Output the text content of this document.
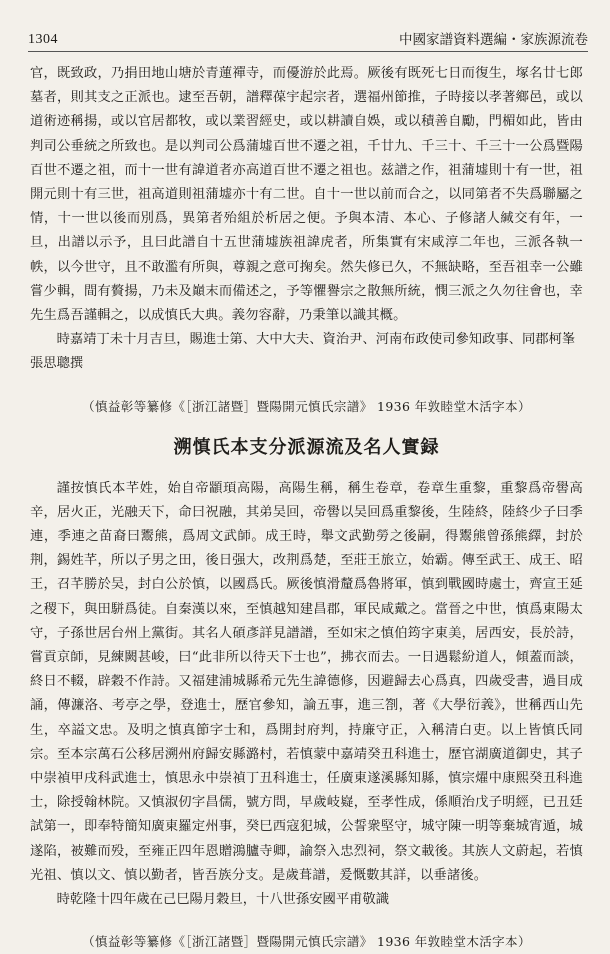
1304	中國家譜資料選編・家族源流卷

官，既致政，乃捐田地山塘於青蓮禪寺，而優游於此焉。厥後有既死七日而復生，塚名廿七郎墓者，則其支之正派也。逮至吾朝，譜釋葆宇起宗者，選福州節推，子時接以孝著鄉邑，或以道術迹稱揚，或以官居都牧，或以業習經史，或以耕讀自娛，或以積善自勵，門楣如此，皆由判司公垂統之所致也。是以判司公爲蒲墟百世不遷之祖，千廿九、千三十、千三十一公爲暨陽百世不遷之祖，而十一世有諱道者亦高道百世不遷之祖也。兹譜之作，祖蒲墟則十有一世，祖開元則十有三世，祖高道則祖蒲墟亦十有二世。自十一世以前而合之，以同第者不失爲聯屬之情，十一世以後而別爲，異第者殆組於析居之便。予與本清、本心、子修諸人緘交有年，一旦，出譜以示予，且曰此譜自十五世蒲墟族祖諱虎者，所集實有宋咸淳二年也，三派各執一帙，以今世守，且不敢濫有所與，尊親之意可掬矣。然失修已久，不無缺略，至吾祖幸一公雖嘗少輯，間有贅揚，乃未及巔末而備述之，予等懼譽宗之散無所統，憫三派之久勿往會也，幸先生爲吾謹輯之，以成慎氏大典。義勿容辭，乃秉筆以識其概。

時嘉靖丁未十月吉旦，賜進士第、大中大夫、資治尹、河南布政使司參知政事、同郡柯峯張思聰撰

（慎益彰等纂修《［浙江諸暨］暨陽開元慎氏宗譜》 1936 年敦睦堂木活字本）
溯慎氏本支分派源流及名人實録

謹按慎氏本芊姓，始自帝顓頊高陽，高陽生稱，稱生卷章，卷章生重黎，重黎爲帝嚳高辛，居火正，光融天下，命曰祝融，其弟吴回，帝嚳以吴回爲重黎後，生陸終，陸終少子曰季連，季連之苗裔曰鬻熊，爲周文武師。成王時，舉文武勤勞之後嗣，得鬻熊曾孫熊繹，封於荆，錫姓芊，所以子男之田，後日强大，改荆爲楚，至莊王旅立，始霸。傳至武王、成王、昭王，召芊勝於吴，封白公於慎，以國爲氏。厥後慎滑釐爲魯將軍，慎到戰國時處士，齊宣王延之稷下，與田駢爲徒。自秦漢以來，至慎越知建昌郡，軍民咸戴之。當晉之中世，慎爲東陽太守，子孫世居台州上黨街。其名人碩彥詳見譜譜，至如宋之慎伯筠字東美，居西安，長於詩，嘗貢京師，見練闕甚峻，曰“此非所以待天下士也”，拂衣而去。一日遇鬆紛道人，傾蓋而談，終日不輟，辟穀不作詩。又福建浦城縣希元先生諱德修，因避歸去心爲真，四歲受書，過目成誦，傳濂洛、考亭之學，登進士，歷官參知，論五事，進三劄，著《大學衍義》，世稱西山先生，卒謚文忠。及明之慎真節字士和，爲開封府判，持廉守正，入稱清白吏。以上皆慎氏同宗。至本宗萬石公移居溯州府歸安縣潞村，若慎蒙中嘉靖癸丑科進士，歷官湖廣道御史，其子中崇禎甲戌科武進士，慎思永中崇禎丁丑科進士，任廣東遂溪縣知縣，慎宗燿中康熙癸丑科進士，除授翰林院。又慎淑仞字昌儒，號方問，早歲岐嶷，至孝性成，係順治戊子明經，已丑廷試第一，即奉特簡知廣東羅定州事，癸巳西寇犯城，公誓衆堅守，城守陳一明等棄城宵遁，城遂陷，被難而殁，至雍正四年恩贈鴻臚寺卿，諭祭入忠烈祠，祭文載後。其族人文蔚起，若慎光祖、慎以文、慎以勤者，皆吾族分支。是歲葺譜，爰慨數其詳，以垂諸後。

時乾隆十四年歲在己巳陽月穀旦，十八世孫安國平甫敬識

（慎益彰等纂修《［浙江諸暨］暨陽開元慎氏宗譜》 1936 年敦睦堂木活字本）
